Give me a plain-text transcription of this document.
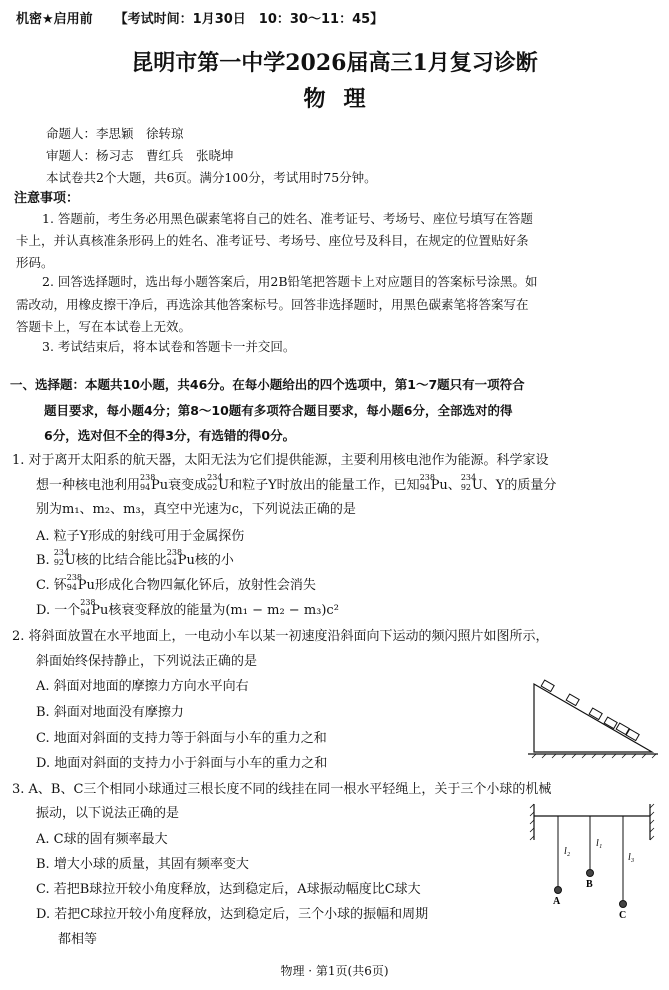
机密★启用前 【考试时间：1月30日　10：30～11：45】
昆明市第一中学2026届高三1月复习诊断
物理
命题人：李思颖　徐转琼
审题人：杨习志　曹红兵　张晓坤
本试卷共2个大题，共6页。满分100分，考试用时75分钟。
注意事项：
1. 答题前，考生务必用黑色碳素笔将自己的姓名、准考证号、考场号、座位号填写在答题
卡上，并认真核准条形码上的姓名、准考证号、考场号、座位号及科目，在规定的位置贴好条
形码。
2. 回答选择题时，选出每小题答案后，用2B铅笔把答题卡上对应题目的答案标号涂黑。如
需改动，用橡皮擦干净后，再选涂其他答案标号。回答非选择题时，用黑色碳素笔将答案写在
答题卡上，写在本试卷上无效。
3. 考试结束后，将本试卷和答题卡一并交回。
一、选择题：本题共10小题，共46分。在每小题给出的四个选项中，第1～7题只有一项符合
题目要求，每小题4分；第8～10题有多项符合题目要求，每小题6分，全部选对的得
6分，选对但不全的得3分，有选错的得0分。
1. 对于离开太阳系的航天器，太阳无法为它们提供能源，主要利用核电池作为能源。科学家设
想一种核电池利用
238
94 Pu衰变成
234
92 U和粒子Y时放出的能量工作，已知
238
94 Pu、
234
92 U、Y的质量分
别为m₁、m₂、m₃，真空中光速为c，下列说法正确的是
A. 粒子Y形成的射线可用于金属探伤
B.
234
92 U核的比结合能比
238
94 Pu核的小
C. 钚
238
94 Pu形成化合物四氟化钚后，放射性会消失
D. 一个
238
94 Pu核衰变释放的能量为(m₁ − m₂ − m₃)c²
2. 将斜面放置在水平地面上，一电动小车以某一初速度沿斜面向下运动的频闪照片如图所示，
斜面始终保持静止，下列说法正确的是
A. 斜面对地面的摩擦力方向水平向右
B. 斜面对地面没有摩擦力
C. 地面对斜面的支持力等于斜面与小车的重力之和
D. 地面对斜面的支持力小于斜面与小车的重力之和
3. A、B、C三个相同小球通过三根长度不同的线挂在同一根水平轻绳上，关于三个小球的机械
振动，以下说法正确的是
A. C球的固有频率最大
B. 增大小球的质量，其固有频率变大
C. 若把B球拉开较小角度释放，达到稳定后，A球振动幅度比C球大
D. 若把C球拉开较小角度释放，达到稳定后，三个小球的振幅和周期
都相等
l₂
l₁
l₃
A
B
C
物理 · 第1页(共6页)
